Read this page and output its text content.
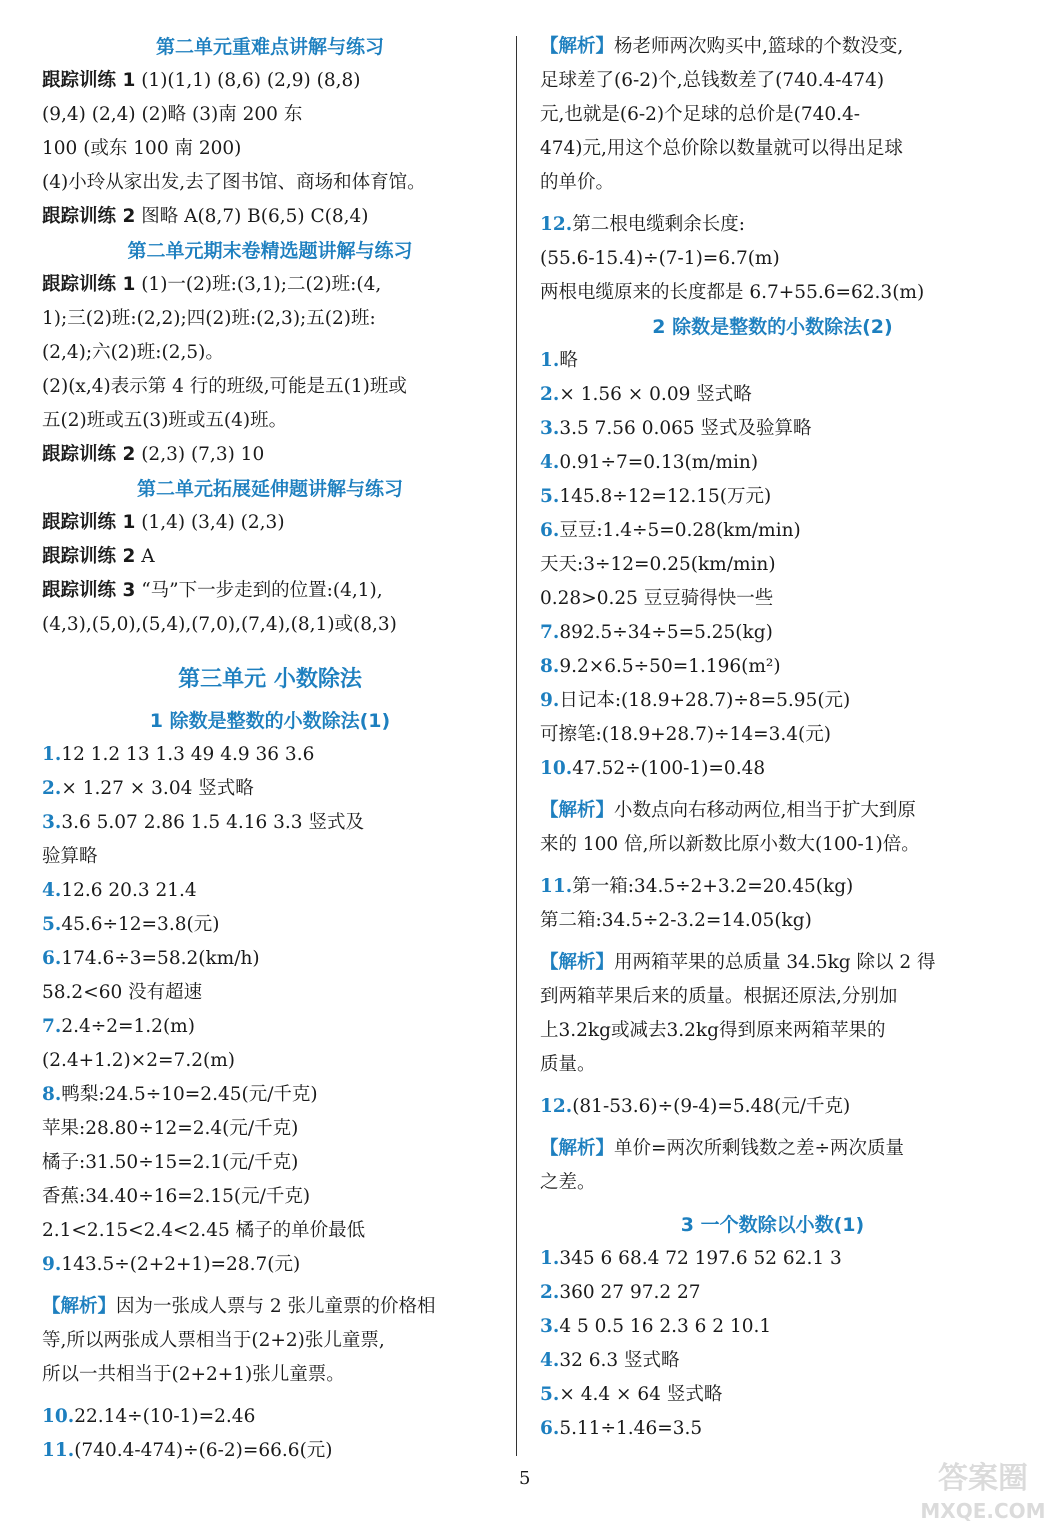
第二单元重难点讲解与练习
跟踪训练 1 (1)(1,1) (8,6) (2,9) (8,8)
(9,4) (2,4) (2)略 (3)南 200 东
100 (或东 100 南 200)
(4)小玲从家出发,去了图书馆、商场和体育馆。
跟踪训练 2 图略 A(8,7) B(6,5) C(8,4)
第二单元期末卷精选题讲解与练习
跟踪训练 1 (1)一(2)班:(3,1);二(2)班:(4,
1);三(2)班:(2,2);四(2)班:(2,3);五(2)班:
(2,4);六(2)班:(2,5)。
(2)(x,4)表示第 4 行的班级,可能是五(1)班或
五(2)班或五(3)班或五(4)班。
跟踪训练 2 (2,3) (7,3) 10
第二单元拓展延伸题讲解与练习
跟踪训练 1 (1,4) (3,4) (2,3)
跟踪训练 2 A
跟踪训练 3 “马”下一步走到的位置:(4,1),
(4,3),(5,0),(5,4),(7,0),(7,4),(8,1)或(8,3)
第三单元 小数除法
1 除数是整数的小数除法(1)
1.12 1.2 13 1.3 49 4.9 36 3.6
2.× 1.27 × 3.04 竖式略
3.3.6 5.07 2.86 1.5 4.16 3.3 竖式及
验算略
4.12.6 20.3 21.4
5.45.6÷12=3.8(元)
6.174.6÷3=58.2(km/h)
58.2<60 没有超速
7.2.4÷2=1.2(m)
(2.4+1.2)×2=7.2(m)
8.鸭梨:24.5÷10=2.45(元/千克)
苹果:28.80÷12=2.4(元/千克)
橘子:31.50÷15=2.1(元/千克)
香蕉:34.40÷16=2.15(元/千克)
2.1<2.15<2.4<2.45 橘子的单价最低
9.143.5÷(2+2+1)=28.7(元)
【解析】因为一张成人票与 2 张儿童票的价格相
等,所以两张成人票相当于(2+2)张儿童票,
所以一共相当于(2+2+1)张儿童票。
10.22.14÷(10-1)=2.46
11.(740.4-474)÷(6-2)=66.6(元)
【解析】杨老师两次购买中,篮球的个数没变,
足球差了(6-2)个,总钱数差了(740.4-474)
元,也就是(6-2)个足球的总价是(740.4-
474)元,用这个总价除以数量就可以得出足球
的单价。
12.第二根电缆剩余长度:
(55.6-15.4)÷(7-1)=6.7(m)
两根电缆原来的长度都是 6.7+55.6=62.3(m)
2 除数是整数的小数除法(2)
1.略
2.× 1.56 × 0.09 竖式略
3.3.5 7.56 0.065 竖式及验算略
4.0.91÷7=0.13(m/min)
5.145.8÷12=12.15(万元)
6.豆豆:1.4÷5=0.28(km/min)
天天:3÷12=0.25(km/min)
0.28>0.25 豆豆骑得快一些
7.892.5÷34÷5=5.25(kg)
8.9.2×6.5÷50=1.196(m²)
9.日记本:(18.9+28.7)÷8=5.95(元)
可擦笔:(18.9+28.7)÷14=3.4(元)
10.47.52÷(100-1)=0.48
【解析】小数点向右移动两位,相当于扩大到原
来的 100 倍,所以新数比原小数大(100-1)倍。
11.第一箱:34.5÷2+3.2=20.45(kg)
第二箱:34.5÷2-3.2=14.05(kg)
【解析】用两箱苹果的总质量 34.5kg 除以 2 得
到两箱苹果后来的质量。根据还原法,分别加
上3.2kg或减去3.2kg得到原来两箱苹果的
质量。
12.(81-53.6)÷(9-4)=5.48(元/千克)
【解析】单价=两次所剩钱数之差÷两次质量
之差。
3 一个数除以小数(1)
1.345 6 68.4 72 197.6 52 62.1 3
2.360 27 97.2 27
3.4 5 0.5 16 2.3 6 2 10.1
4.32 6.3 竖式略
5.× 4.4 × 64 竖式略
6.5.11÷1.46=3.5
5	答案圈
MXQE.COM
